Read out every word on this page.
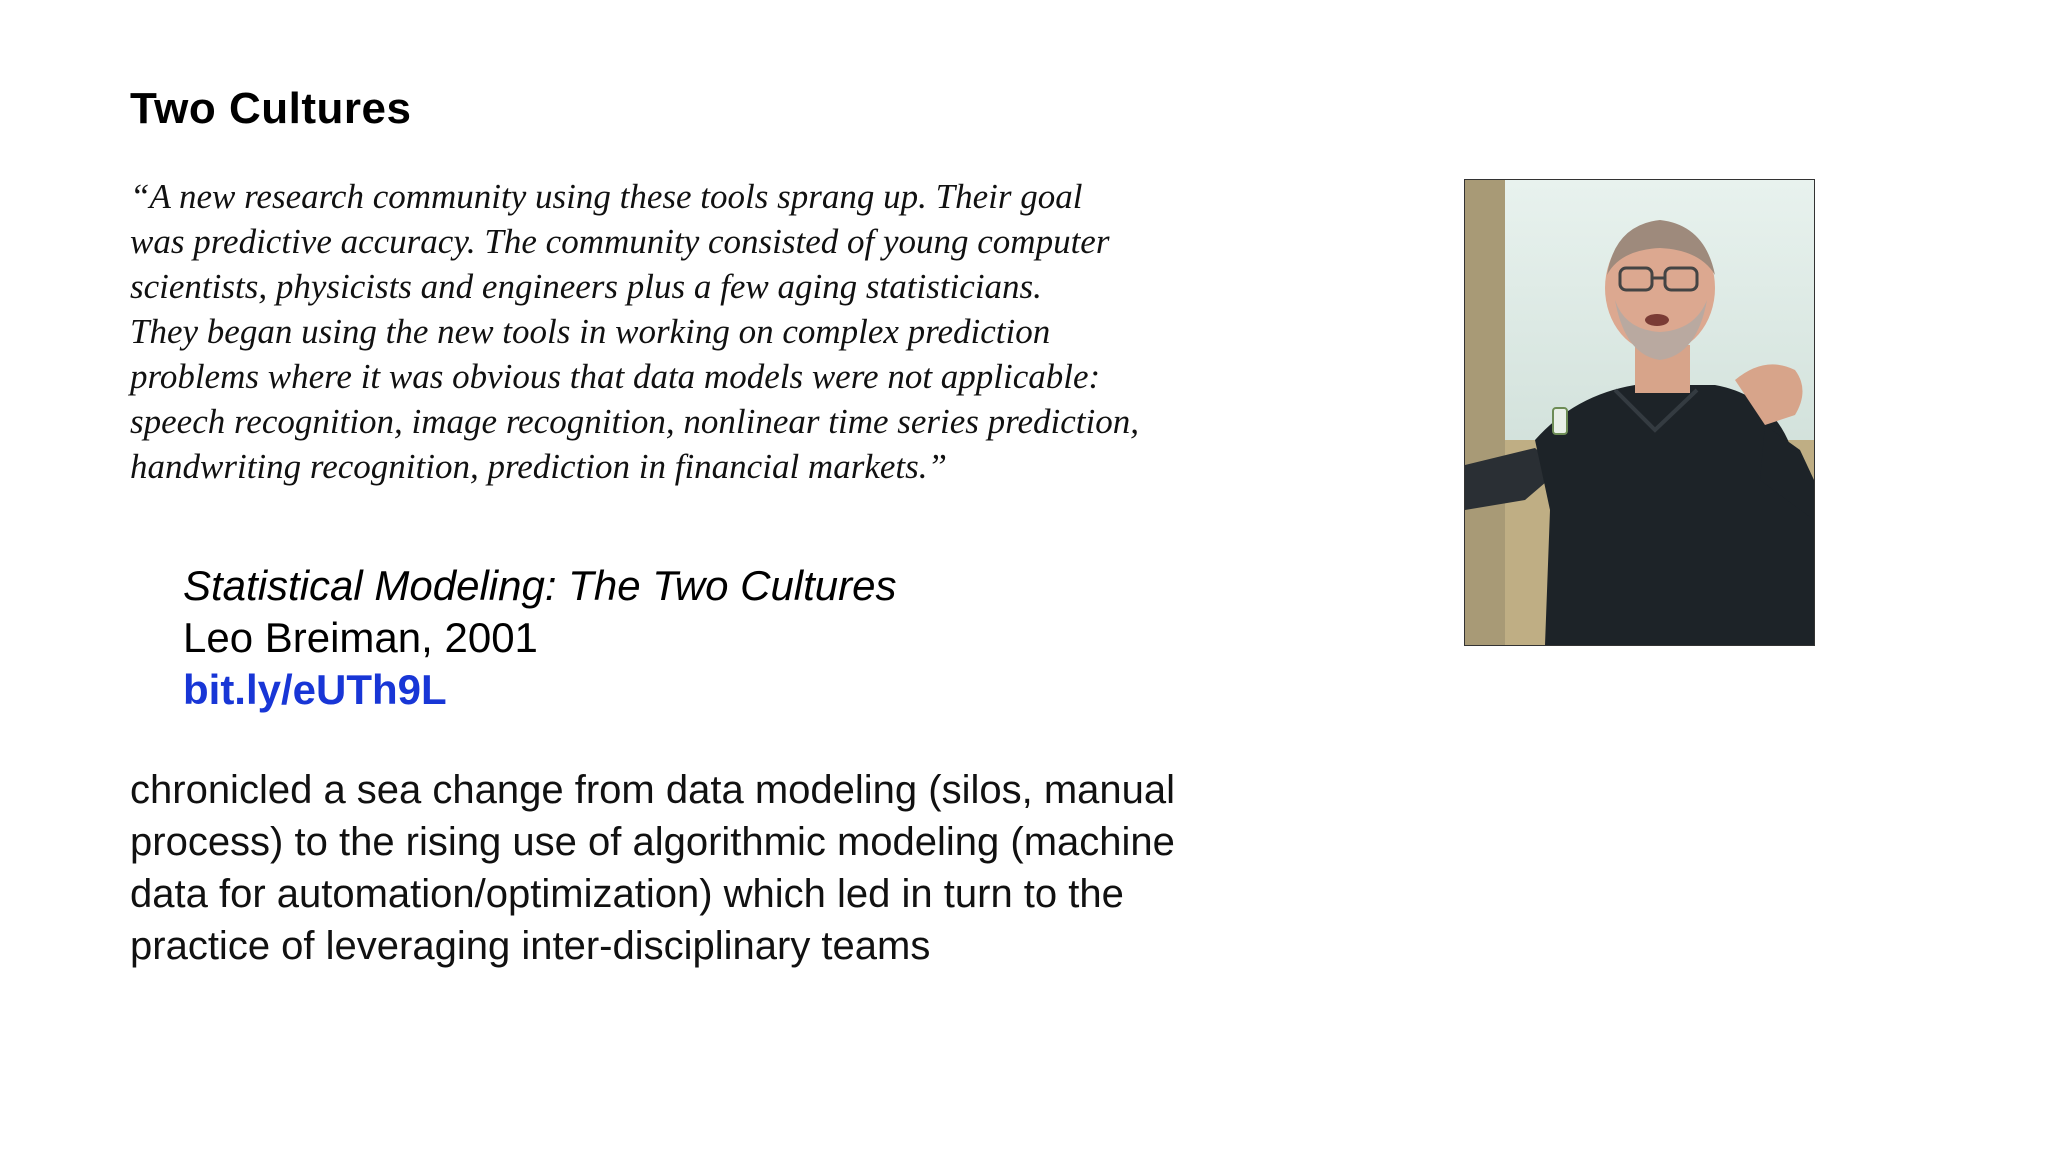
Two Cultures
“A new research community using these tools sprang up. Their goal
was predictive accuracy. The community consisted of young computer
scientists, physicists and engineers plus a few aging statisticians.
They began using the new tools in working on complex prediction
problems where it was obvious that data models were not applicable:
speech recognition, image recognition, nonlinear time series prediction,
handwriting recognition, prediction in financial markets.”
Statistical Modeling: The Two Cultures
Leo Breiman, 2001
bit.ly/eUTh9L
chronicled a sea change from data modeling (silos, manual
process) to the rising use of algorithmic modeling (machine
data for automation/optimization) which led in turn to the
practice of leveraging inter-disciplinary teams
